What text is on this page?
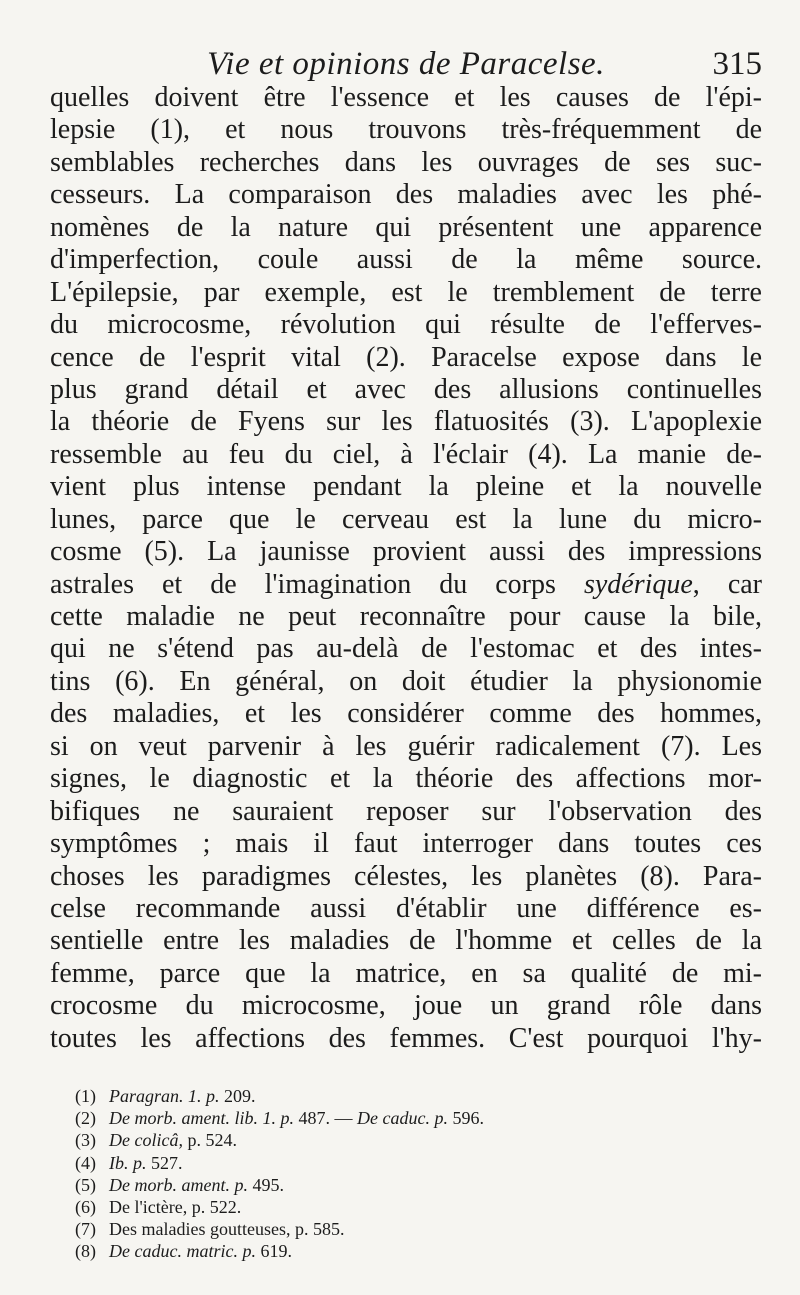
Vie et opinions de Paracelse.	315
quelles doivent être l'essence et les causes de l'épi-
lepsie (1), et nous trouvons très-fréquemment de
semblables recherches dans les ouvrages de ses suc-
cesseurs. La comparaison des maladies avec les phé-
nomènes de la nature qui présentent une apparence
d'imperfection, coule aussi de la même source.
L'épilepsie, par exemple, est le tremblement de terre
du microcosme, révolution qui résulte de l'efferves-
cence de l'esprit vital (2). Paracelse expose dans le
plus grand détail et avec des allusions continuelles
la théorie de Fyens sur les flatuosités (3). L'apoplexie
ressemble au feu du ciel, à l'éclair (4). La manie de-
vient plus intense pendant la pleine et la nouvelle
lunes, parce que le cerveau est la lune du micro-
cosme (5). La jaunisse provient aussi des impressions
astrales et de l'imagination du corps sydérique, car
cette maladie ne peut reconnaître pour cause la bile,
qui ne s'étend pas au-delà de l'estomac et des intes-
tins (6). En général, on doit étudier la physionomie
des maladies, et les considérer comme des hommes,
si on veut parvenir à les guérir radicalement (7). Les
signes, le diagnostic et la théorie des affections mor-
bifiques ne sauraient reposer sur l'observation des
symptômes ; mais il faut interroger dans toutes ces
choses les paradigmes célestes, les planètes (8). Para-
celse recommande aussi d'établir une différence es-
sentielle entre les maladies de l'homme et celles de la
femme, parce que la matrice, en sa qualité de mi-
crocosme du microcosme, joue un grand rôle dans
toutes les affections des femmes. C'est pourquoi l'hy-
(1) Paragran. 1. p. 209.
(2) De morb. ament. lib. 1. p. 487. — De caduc. p. 596.
(3) De colicâ, p. 524.
(4) Ib. p. 527.
(5) De morb. ament. p. 495.
(6) De l'ictère, p. 522.
(7) Des maladies goutteuses, p. 585.
(8) De caduc. matric. p. 619.
